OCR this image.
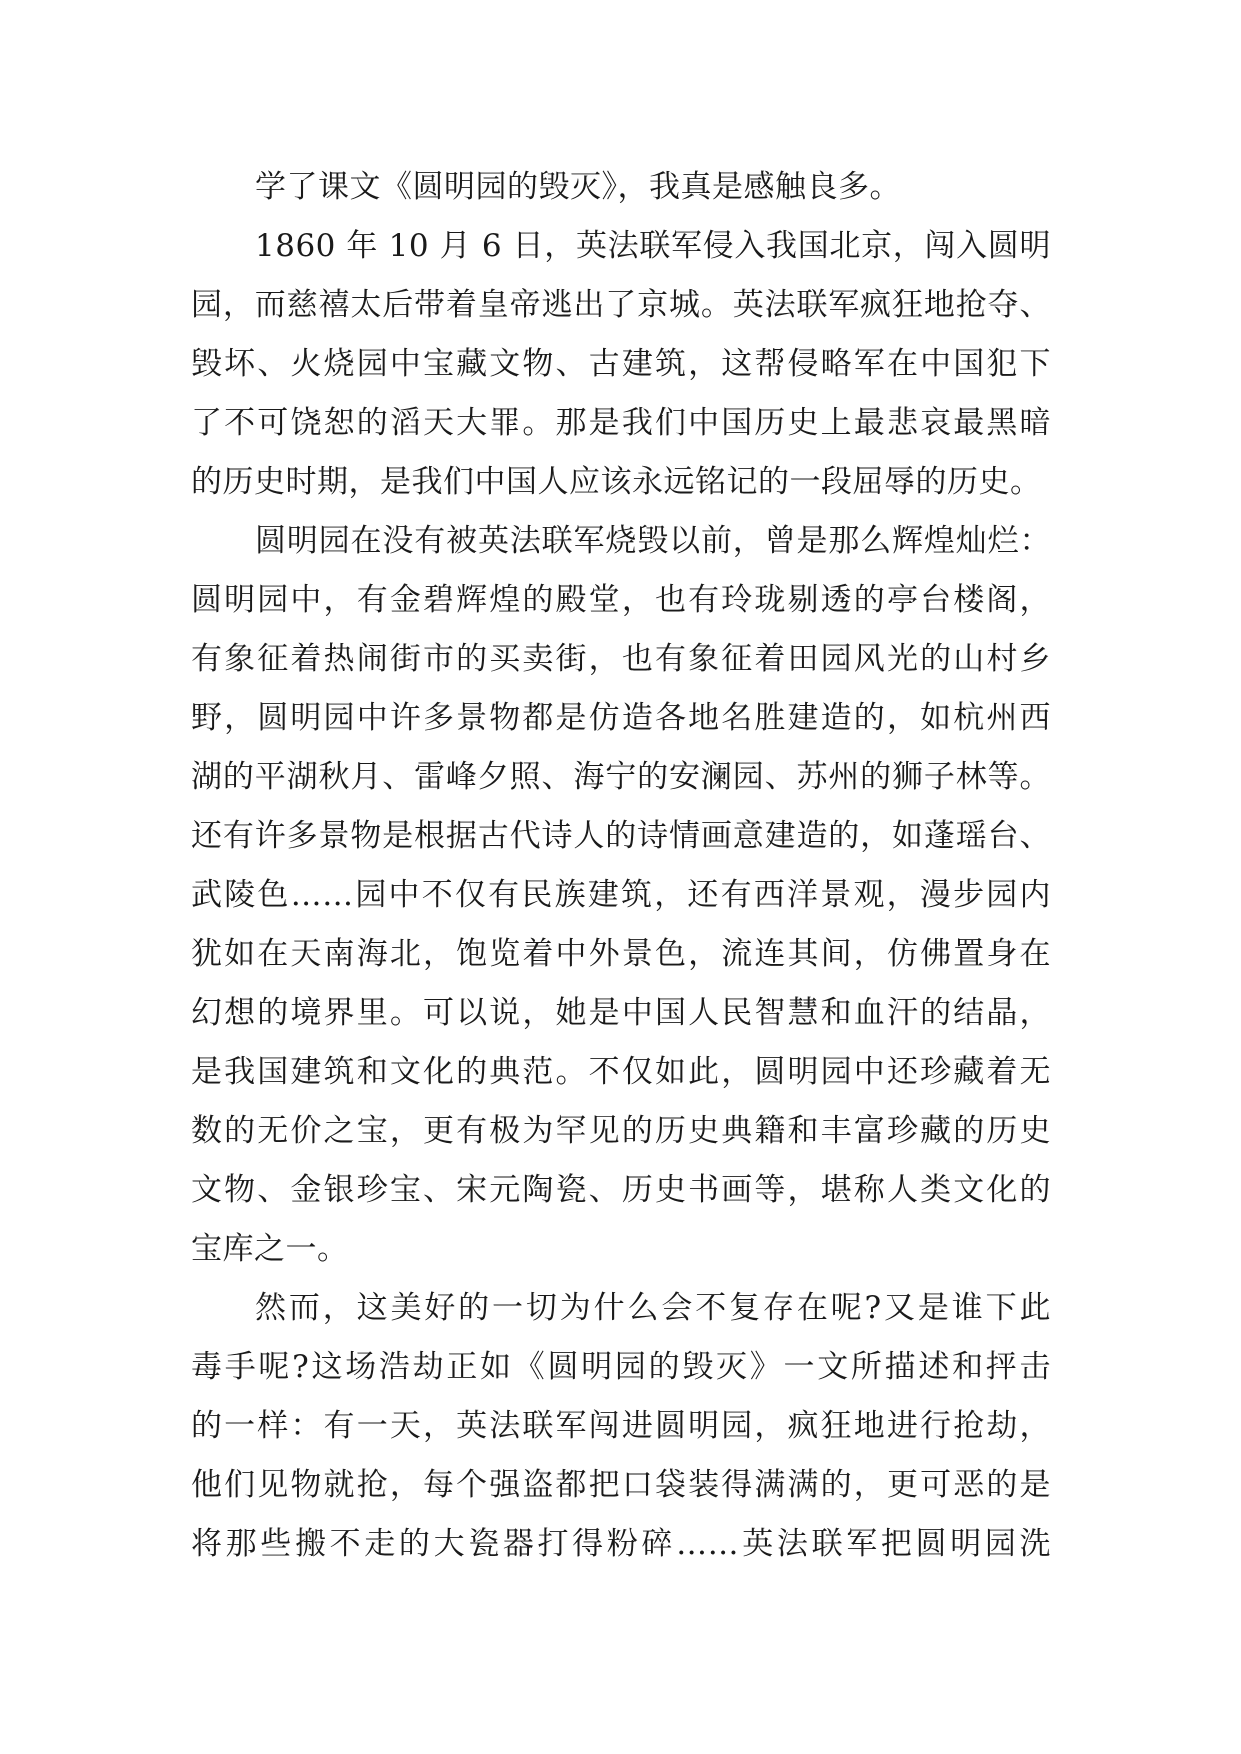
学了课文《圆明园的毁灭》，我真是感触良多。
1860 年 10 月 6 日，英法联军侵入我国北京，闯入圆明
园，而慈禧太后带着皇帝逃出了京城。英法联军疯狂地抢夺、
毁坏、火烧园中宝藏文物、古建筑，这帮侵略军在中国犯下
了不可饶恕的滔天大罪。那是我们中国历史上最悲哀最黑暗
的历史时期，是我们中国人应该永远铭记的一段屈辱的历史。
圆明园在没有被英法联军烧毁以前，曾是那么辉煌灿烂：
圆明园中，有金碧辉煌的殿堂，也有玲珑剔透的亭台楼阁，
有象征着热闹街市的买卖街，也有象征着田园风光的山村乡
野，圆明园中许多景物都是仿造各地名胜建造的，如杭州西
湖的平湖秋月、雷峰夕照、海宁的安澜园、苏州的狮子林等。
还有许多景物是根据古代诗人的诗情画意建造的，如蓬瑶台、
武陵色……园中不仅有民族建筑，还有西洋景观，漫步园内
犹如在天南海北，饱览着中外景色，流连其间，仿佛置身在
幻想的境界里。可以说，她是中国人民智慧和血汗的结晶，
是我国建筑和文化的典范。不仅如此，圆明园中还珍藏着无
数的无价之宝，更有极为罕见的历史典籍和丰富珍藏的历史
文物、金银珍宝、宋元陶瓷、历史书画等，堪称人类文化的
宝库之一。
然而，这美好的一切为什么会不复存在呢?又是谁下此
毒手呢?这场浩劫正如《圆明园的毁灭》一文所描述和抨击
的一样：有一天，英法联军闯进圆明园，疯狂地进行抢劫，
他们见物就抢，每个强盗都把口袋装得满满的，更可恶的是
将那些搬不走的大瓷器打得粉碎……英法联军把圆明园洗
